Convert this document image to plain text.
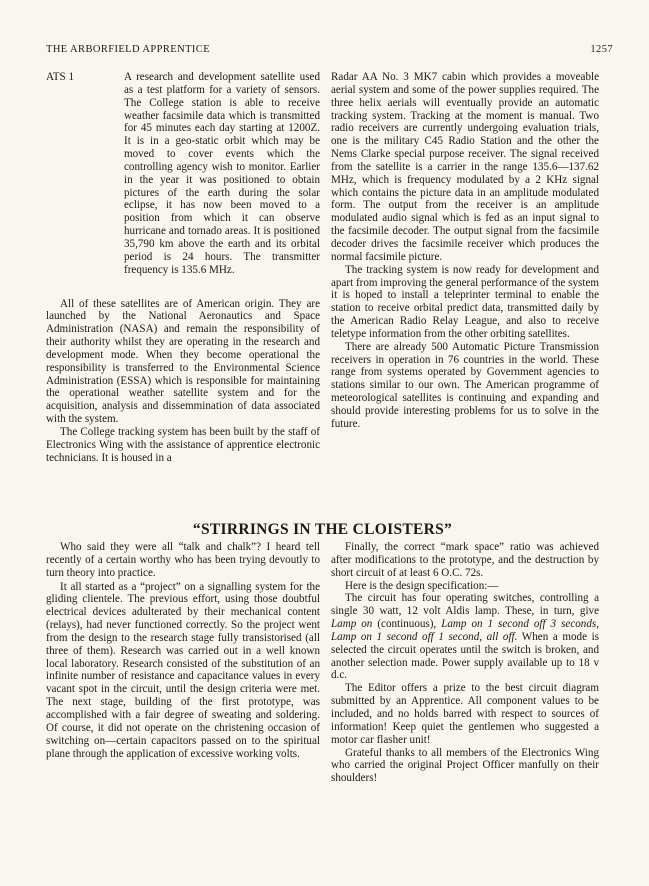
THE ARBORFIELD APPRENTICE	1257
ATS 1	A research and development satellite used as a test platform for a variety of sensors. The College station is able to receive weather facsimile data which is transmitted for 45 minutes each day starting at 1200Z. It is in a geo-static orbit which may be moved to cover events which the controlling agency wish to monitor. Earlier in the year it was positioned to obtain pictures of the earth during the solar eclipse, it has now been moved to a position from which it can observe hurricane and tornado areas. It is positioned 35,790 km above the earth and its orbital period is 24 hours. The transmitter frequency is 135.6 MHz.

All of these satellites are of American origin. They are launched by the National Aeronautics and Space Administration (NASA) and remain the responsibility of their authority whilst they are operating in the research and development mode. When they become operational the responsibility is transferred to the Environmental Science Administration (ESSA) which is responsible for maintaining the operational weather satellite system and for the acquisition, analysis and dissemmination of data associated with the system.

The College tracking system has been built by the staff of Electronics Wing with the assistance of apprentice electronic technicians. It is housed in a

Radar AA No. 3 MK7 cabin which provides a moveable aerial system and some of the power supplies required. The three helix aerials will eventually provide an automatic tracking system. Tracking at the moment is manual. Two radio receivers are currently undergoing evaluation trials, one is the military C45 Radio Station and the other the Nems Clarke special purpose receiver. The signal received from the satellite is a carrier in the range 135.6—137.62 MHz, which is frequency modulated by a 2 KHz signal which contains the picture data in an amplitude modulated form. The output from the receiver is an amplitude modulated audio signal which is fed as an input signal to the facsimile decoder. The output signal from the facsimile decoder drives the facsimile receiver which produces the normal facsimile picture.

The tracking system is now ready for development and apart from improving the general performance of the system it is hoped to install a teleprinter terminal to enable the station to receive orbital predict data, transmitted daily by the American Radio Relay League, and also to receive teletype information from the other orbiting satellites.

There are already 500 Automatic Picture Transmission receivers in operation in 76 countries in the world. These range from systems operated by Government agencies to stations similar to our own. The American programme of meteorological satellites is continuing and expanding and should provide interesting problems for us to solve in the future.

“STIRRINGS IN THE CLOISTERS”

Who said they were all “talk and chalk”? I heard tell recently of a certain worthy who has been trying devoutly to turn theory into practice.

It all started as a “project” on a signalling system for the gliding clientele. The previous effort, using those doubtful electrical devices adulterated by their mechanical content (relays), had never functioned correctly. So the project went from the design to the research stage fully transistorised (all three of them). Research was carried out in a well known local laboratory. Research consisted of the substitution of an infinite number of resistance and capacitance values in every vacant spot in the circuit, until the design criteria were met. The next stage, building of the first prototype, was accomplished with a fair degree of sweating and soldering. Of course, it did not operate on the christening occasion of switching on—certain capacitors passed on to the spiritual plane through the application of excessive working volts.

Finally, the correct “mark space” ratio was achieved after modifications to the prototype, and the destruction by short circuit of at least 6 O.C. 72s.

Here is the design specification:—

The circuit has four operating switches, controlling a single 30 watt, 12 volt Aldis lamp. These, in turn, give Lamp on (continuous), Lamp on 1 second off 3 seconds, Lamp on 1 second off 1 second, all off. When a mode is selected the circuit operates until the switch is broken, and another selection made. Power supply available up to 18 v d.c.

The Editor offers a prize to the best circuit diagram submitted by an Apprentice. All component values to be included, and no holds barred with respect to sources of information! Keep quiet the gentlemen who suggested a motor car flasher unit!

Grateful thanks to all members of the Electronics Wing who carried the original Project Officer manfully on their shoulders!
